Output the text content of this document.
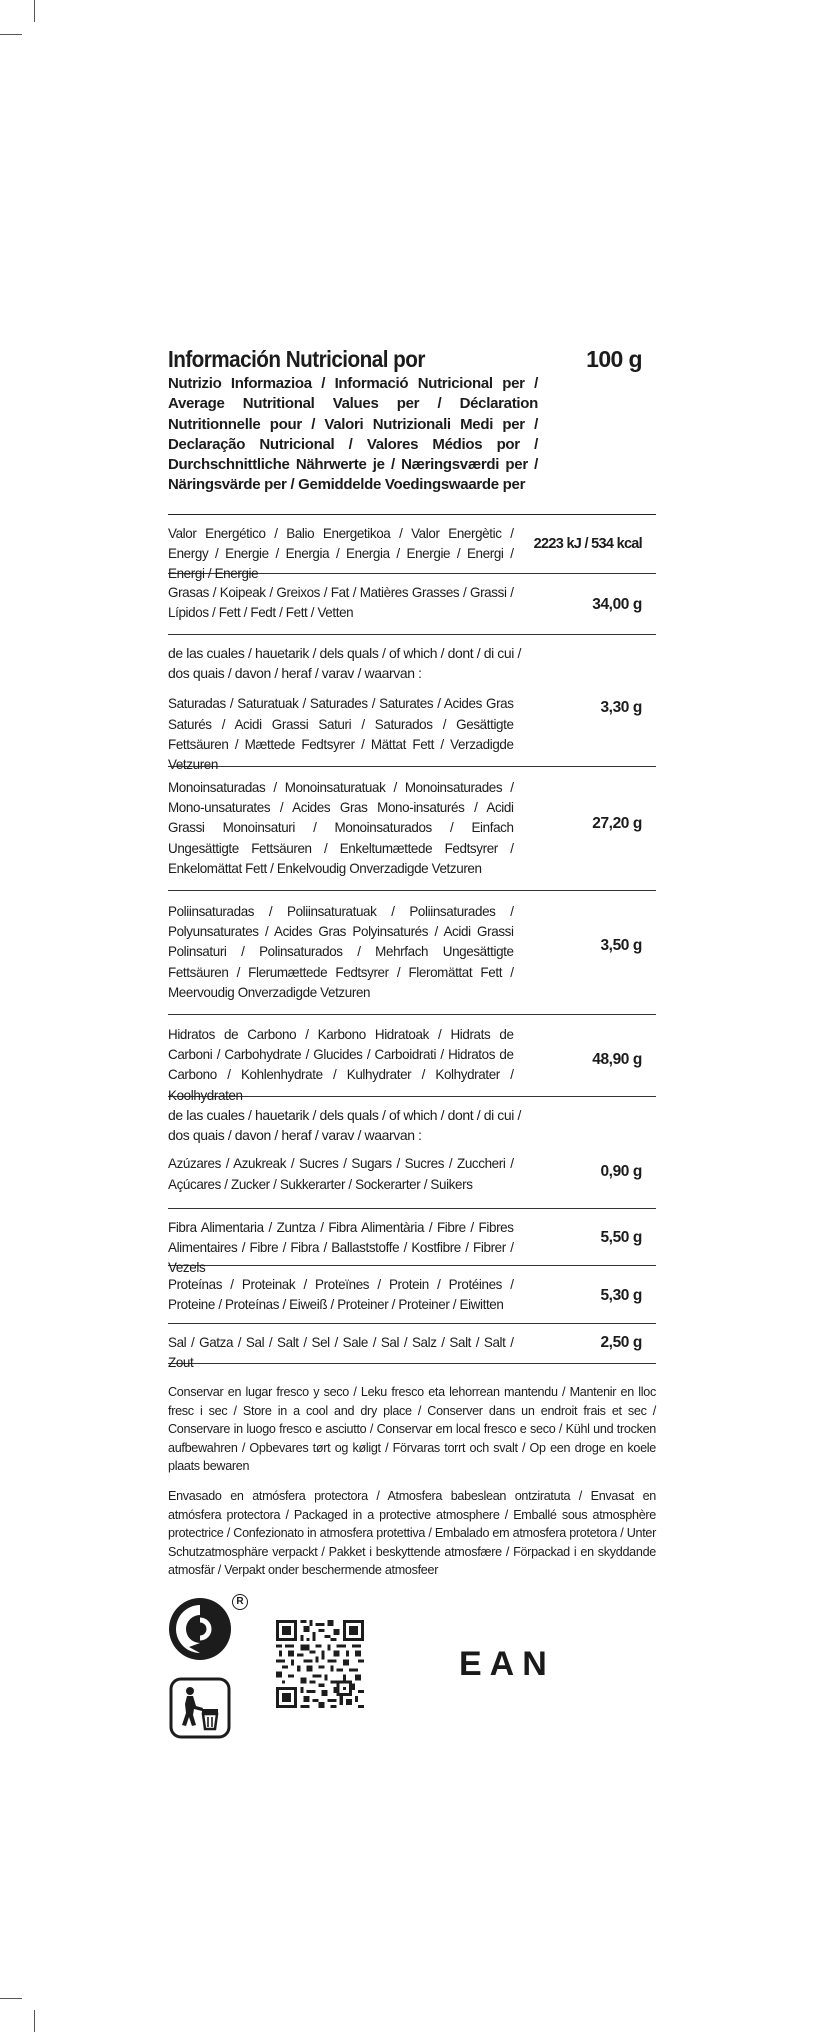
Información Nutricional por	100 g
Nutrizio Informazioa / Informació Nutricional per / Average Nutritional Values per / Déclaration Nutritionnelle pour / Valori Nutrizionali Medi per / Declaração Nutricional / Valores Médios por / Durchschnittliche Nährwerte je / Næringsværdi per / Näringsvärde per / Gemiddelde Voedingswaarde per
Valor Energético / Balio Energetikoa / Valor Energètic / Energy / Energie / Energia / Energia / Energie / Energi / Energi / Energie
2223 kJ / 534 kcal
Grasas / Koipeak / Greixos / Fat / Matières Grasses / Grassi / Lípidos / Fett / Fedt / Fett / Vetten	34,00 g
de las cuales / hauetarik / dels quals / of which / dont / di cui / dos quais / davon / heraf / varav / waarvan :
Saturadas / Saturatuak / Saturades / Saturates / Acides Gras Saturés / Acidi Grassi Saturi / Saturados / Gesättigte Fettsäuren / Mættede Fedtsyrer / Mättat Fett / Verzadigde Vetzuren
3,30 g
Monoinsaturadas / Monoinsaturatuak / Monoinsaturades / Mono-unsaturates / Acides Gras Mono-insaturés / Acidi Grassi Monoinsaturi / Monoinsaturados / Einfach Ungesättigte Fettsäuren / Enkeltumættede Fedtsyrer / Enkelomättat Fett / Enkelvoudig Onverzadigde Vetzuren
27,20 g
Poliinsaturadas / Poliinsaturatuak / Poliinsaturades / Polyunsaturates / Acides Gras Polyinsaturés / Acidi Grassi Polinsaturi / Polinsaturados / Mehrfach Ungesättigte Fettsäuren / Flerumættede Fedtsyrer / Fleromättat Fett / Meervoudig Onverzadigde Vetzuren
3,50 g
Hidratos de Carbono / Karbono Hidratoak / Hidrats de Carboni / Carbohydrate / Glucides / Carboidrati / Hidratos de Carbono / Kohlenhydrate / Kulhydrater / Kolhydrater / Koolhydraten
48,90 g
de las cuales / hauetarik / dels quals / of which / dont / di cui / dos quais / davon / heraf / varav / waarvan :
Azúzares / Azukreak / Sucres / Sugars / Sucres / Zuccheri / Açúcares / Zucker / Sukkerarter / Sockerarter / Suikers
0,90 g
Fibra Alimentaria / Zuntza / Fibra Alimentària / Fibre / Fibres Alimentaires / Fibre / Fibra / Ballaststoffe / Kostfibre / Fibrer / Vezels
5,50 g
Proteínas / Proteinak / Proteïnes / Protein / Protéines / Proteine / Proteínas / Eiweiß / Proteiner / Proteiner / Eiwitten
5,30 g
Sal / Gatza / Sal / Salt / Sel / Sale / Sal / Salz / Salt / Salt / Zout
2,50 g

Conservar en lugar fresco y seco / Leku fresco eta lehorrean mantendu / Mantenir en lloc fresc i sec / Store in a cool and dry place / Conserver dans un endroit frais et sec / Conservare in luogo fresco e asciutto / Conservar em local fresco e seco / Kühl und trocken aufbewahren / Opbevares tørt og køligt / Förvaras torrt och svalt / Op een droge en koele plaats bewaren

Envasado en atmósfera protectora / Atmosfera babeslean ontziratuta / Envasat en atmósfera protectora / Packaged in a protective atmosphere / Emballé sous atmosphère protectrice / Confezionato in atmosfera protettiva / Embalado em atmosfera protetora / Unter Schutzatmosphäre verpackt / Pakket i beskyttende atmosfære / Förpackad i en skyddande atmosfär / Verpakt onder beschermende atmosfeer

R
EAN
